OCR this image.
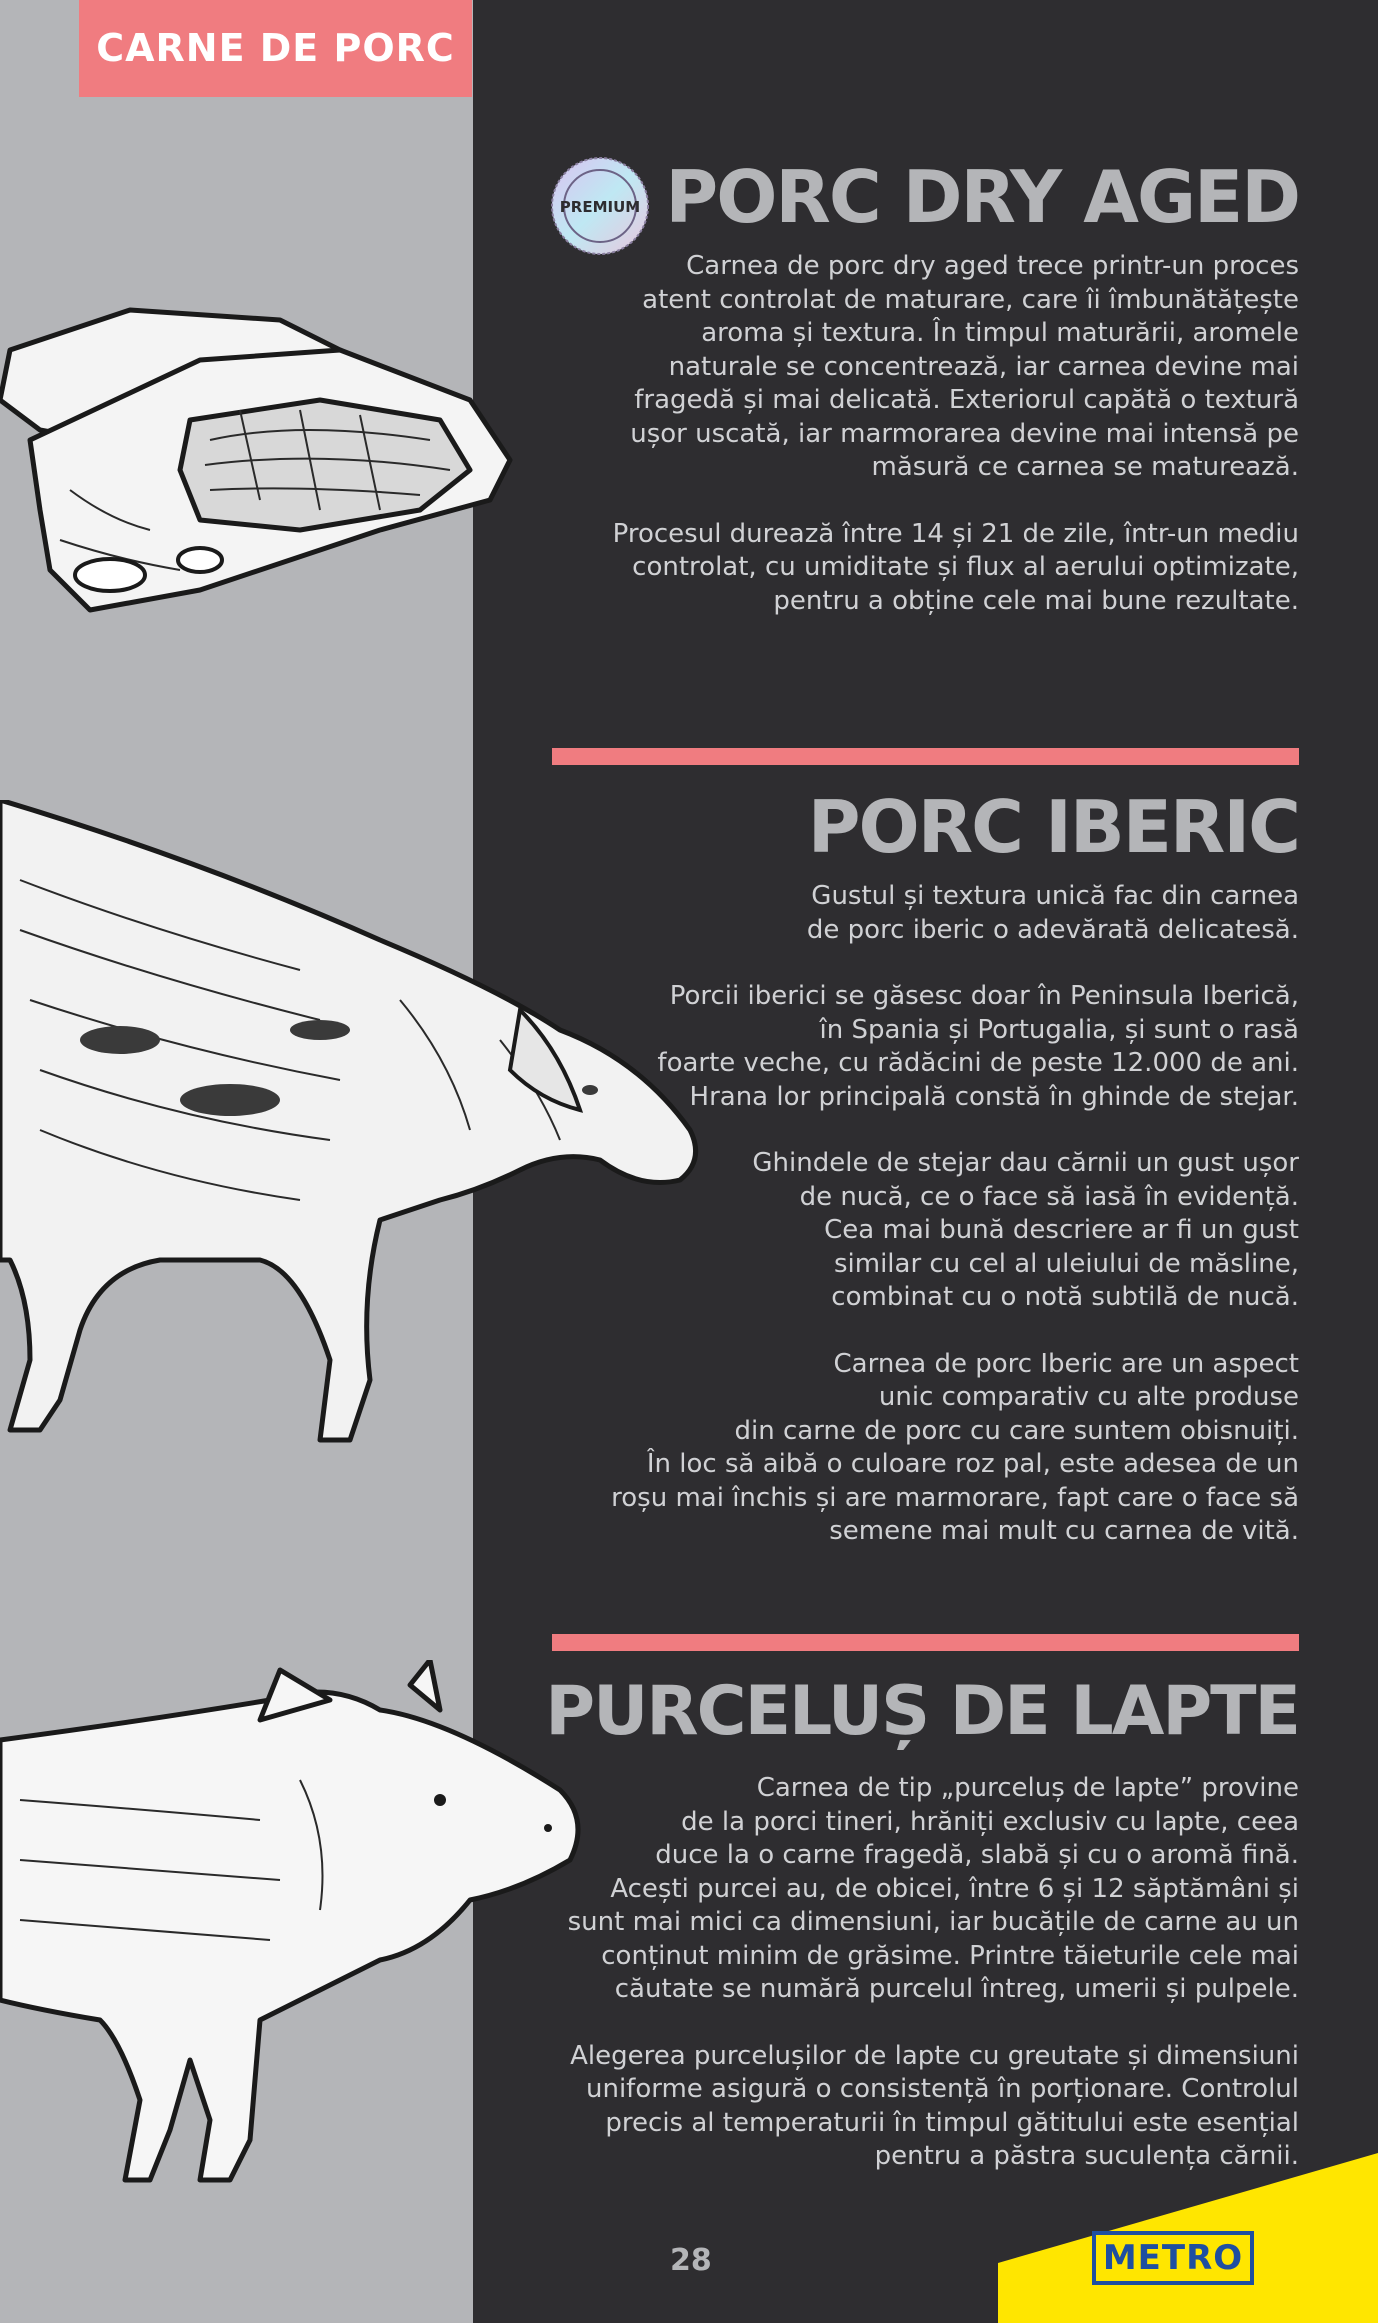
CARNE DE PORC
PREMIUM PORC DRY AGED

Carnea de porc dry aged trece printr-un proces
atent controlat de maturare, care îi îmbunătățește
aroma și textura. În timpul maturării, aromele
naturale se concentrează, iar carnea devine mai
fragedă și mai delicată. Exteriorul capătă o textură
ușor uscată, iar marmorarea devine mai intensă pe
măsură ce carnea se maturează.

Procesul durează între 14 și 21 de zile, într-un mediu
controlat, cu umiditate și flux al aerului optimizate,
pentru a obține cele mai bune rezultate.

PORC IBERIC

Gustul și textura unică fac din carnea
de porc iberic o adevărată delicatesă.

Porcii iberici se găsesc doar în Peninsula Iberică,
în Spania și Portugalia, și sunt o rasă
foarte veche, cu rădăcini de peste 12.000 de ani.
Hrana lor principală constă în ghinde de stejar.

Ghindele de stejar dau cărnii un gust ușor
de nucă, ce o face să iasă în evidență.
Cea mai bună descriere ar fi un gust
similar cu cel al uleiului de măsline,
combinat cu o notă subtilă de nucă.

Carnea de porc Iberic are un aspect
unic comparativ cu alte produse
din carne de porc cu care suntem obisnuiți.
În loc să aibă o culoare roz pal, este adesea de un
roșu mai închis și are marmorare, fapt care o face să
semene mai mult cu carnea de vită.

PURCELUȘ DE LAPTE

Carnea de tip „purceluș de lapte” provine
de la porci tineri, hrăniți exclusiv cu lapte, ceea
duce la o carne fragedă, slabă și cu o aromă fină.
Acești purcei au, de obicei, între 6 și 12 săptămâni și
sunt mai mici ca dimensiuni, iar bucățile de carne au un
conținut minim de grăsime. Printre tăieturile cele mai
căutate se numără purcelul întreg, umerii și pulpele.

Alegerea purcelușilor de lapte cu greutate și dimensiuni
uniforme asigură o consistență în porționare. Controlul
precis al temperaturii în timpul gătitului este esențial
pentru a păstra suculența cărnii.

28	METRO
